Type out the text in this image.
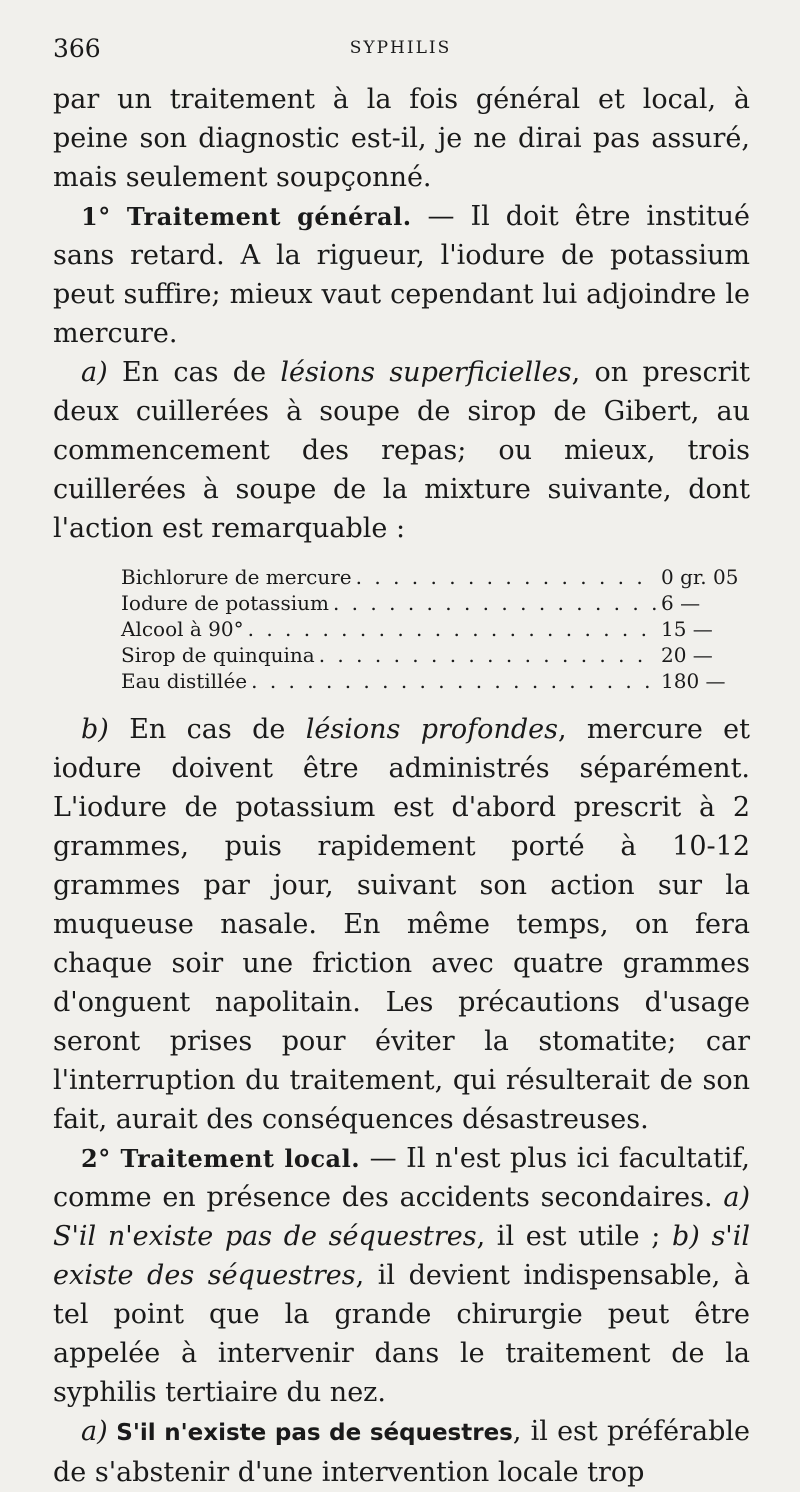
366	SYPHILIS

par un traitement à la fois général et local, à peine son diagnostic est-il, je ne dirai pas assuré, mais seulement soupçonné.

1° Traitement général. — Il doit être institué sans retard. A la rigueur, l'iodure de potassium peut suffire; mieux vaut cependant lui adjoindre le mercure.

a) En cas de lésions superficielles, on prescrit deux cuillerées à soupe de sirop de Gibert, au commencement des repas; ou mieux, trois cuillerées à soupe de la mixture suivante, dont l'action est remarquable :

Bichlorure de mercure . . .	0 gr. 05
Iodure de potassium . . .	6 —
Alcool à 90° . . .	15 —
Sirop de quinquina . . .	20 —
Eau distillée . . .	180 —

b) En cas de lésions profondes, mercure et iodure doivent être administrés séparément. L'iodure de potassium est d'abord prescrit à 2 grammes, puis rapidement porté à 10-12 grammes par jour, suivant son action sur la muqueuse nasale. En même temps, on fera chaque soir une friction avec quatre grammes d'onguent napolitain. Les précautions d'usage seront prises pour éviter la stomatite; car l'interruption du traitement, qui résulterait de son fait, aurait des conséquences désastreuses.

2° Traitement local. — Il n'est plus ici facultatif, comme en présence des accidents secondaires. a) S'il n'existe pas de séquestres, il est utile ; b) s'il existe des séquestres, il devient indispensable, à tel point que la grande chirurgie peut être appelée à intervenir dans le traitement de la syphilis tertiaire du nez.

a) S'il n'existe pas de séquestres, il est préférable de s'abstenir d'une intervention locale trop
